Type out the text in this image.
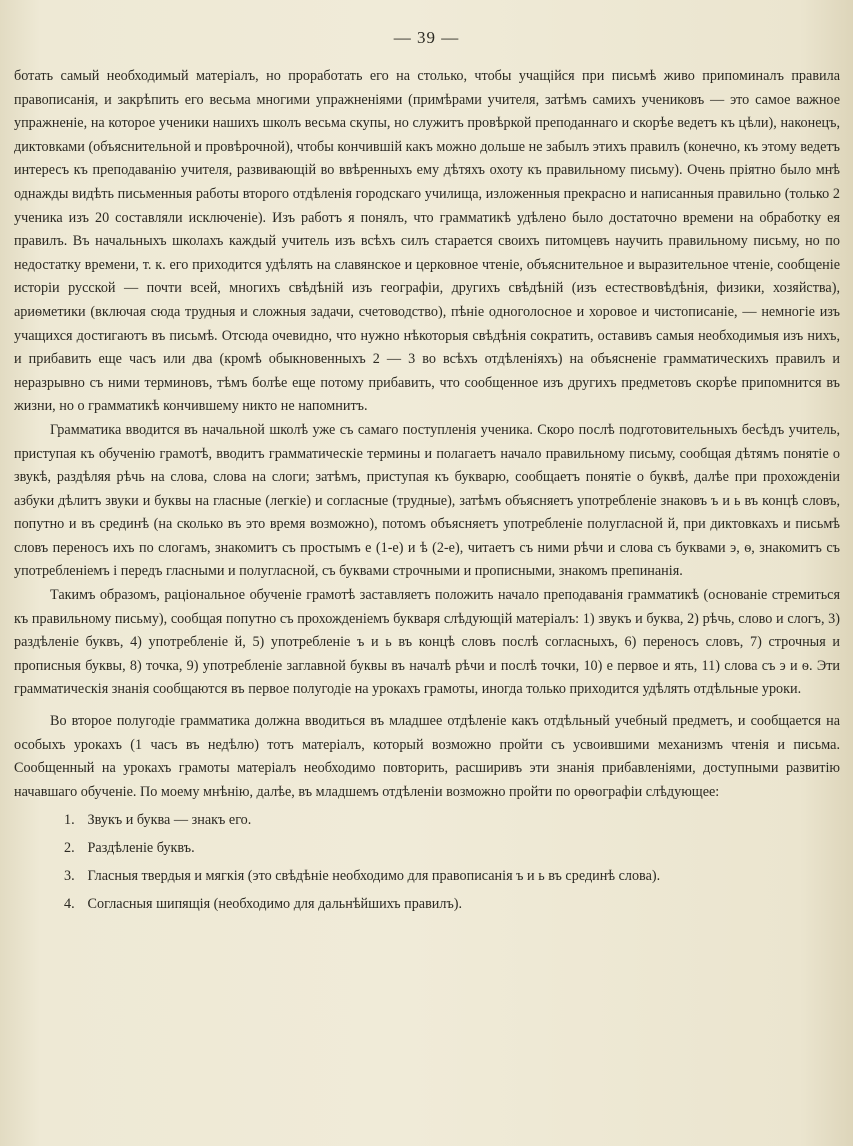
— 39 —

ботать самый необходимый матеріалъ, но проработать его на столько, чтобы учащійся при письмѣ живо припоминалъ правила правописанія, и закрѣпить его весьма многими упражненіями (примѣрами учителя, затѣмъ самихъ учениковъ — это самое важное упражненіе, на которое ученики нашихъ школъ весьма скупы, но служитъ провѣркой преподаннаго и скорѣе ведетъ къ цѣли), наконецъ, диктовками (объяснительной и провѣрочной), чтобы кончившій какъ можно дольше не забылъ этихъ правилъ (конечно, къ этому ведетъ интересъ къ преподаванію учителя, развивающій во ввѣренныхъ ему дѣтяхъ охоту къ правильному письму). Очень пріятно было мнѣ однажды видѣть письменныя работы второго отдѣленія городскаго училища, изложенныя прекрасно и написанныя правильно (только 2 ученика изъ 20 составляли исключеніе). Изъ работъ я понялъ, что грамматикѣ удѣлено было достаточно времени на обработку ея правилъ. Въ начальныхъ школахъ каждый учитель изъ всѣхъ силъ старается своихъ питомцевъ научить правильному письму, но по недостатку времени, т. к. его приходится удѣлять на славянское и церковное чтеніе, объяснительное и выразительное чтеніе, сообщеніе исторіи русской — почти всей, многихъ свѣдѣній изъ географіи, другихъ свѣдѣній (изъ естествовѣдѣнія, физики, хозяйства), ариѳметики (включая сюда трудныя и сложныя задачи, счетоводство), пѣніе одноголосное и хоровое и чистописаніе, — немногіе изъ учащихся достигаютъ въ письмѣ. Отсюда очевидно, что нужно нѣкоторыя свѣдѣнія сократить, оставивъ самыя необходимыя изъ нихъ, и прибавить еще часъ или два (кромѣ обыкновенныхъ 2 — 3 во всѣхъ отдѣленіяхъ) на объясненіе грамматическихъ правилъ и неразрывно съ ними терминовъ, тѣмъ болѣе еще потому прибавить, что сообщенное изъ другихъ предметовъ скорѣе припомнится въ жизни, но о грамматикѣ кончившему никто не напомнитъ.

Грамматика вводится въ начальной школѣ уже съ самаго поступленія ученика. Скоро послѣ подготовительныхъ бесѣдъ учитель, приступая къ обученію грамотѣ, вводитъ грамматическіе термины и полагаетъ начало правильному письму, сообщая дѣтямъ понятіе о звукѣ, раздѣляя рѣчь на слова, слова на слоги; затѣмъ, приступая къ букварю, сообщаетъ понятіе о буквѣ, далѣе при прохожденіи азбуки дѣлитъ звуки и буквы на гласные (легкіе) и согласные (трудные), затѣмъ объясняетъ употребленіе знаковъ ъ и ь въ концѣ словъ, попутно и въ срединѣ (на сколько въ это время возможно), потомъ объясняетъ употребленіе полугласной й, при диктовкахъ и письмѣ словъ переносъ ихъ по слогамъ, знакомитъ съ простымъ е (1-е) и ѣ (2-е), читаетъ съ ними рѣчи и слова съ буквами э, ѳ, знакомитъ съ употребленіемъ і передъ гласными и полугласной, съ буквами строчными и прописными, знакомъ препинанія.

Такимъ образомъ, раціональное обученіе грамотѣ заставляетъ положить начало преподаванія грамматикѣ (основаніе стремиться къ правильному письму), сообщая попутно съ прохожденіемъ букваря слѣдующій матеріалъ: 1) звукъ и буква, 2) рѣчь, слово и слогъ, 3) раздѣленіе буквъ, 4) употребленіе й, 5) употребленіе ъ и ь въ концѣ словъ послѣ согласныхъ, 6) переносъ словъ, 7) строчныя и прописныя буквы, 8) точка, 9) употребленіе заглавной буквы въ началѣ рѣчи и послѣ точки, 10) е первое и ять, 11) слова съ э и ѳ. Эти грамматическія знанія сообщаются въ первое полугодіе на урокахъ грамоты, иногда только приходится удѣлять отдѣльные уроки.

Во второе полугодіе грамматика должна вводиться въ младшее отдѣленіе какъ отдѣльный учебный предметъ, и сообщается на особыхъ урокахъ (1 часъ въ недѣлю) тотъ матеріалъ, который возможно пройти съ усвоившими механизмъ чтенія и письма. Сообщенный на урокахъ грамоты матеріалъ необходимо повторить, расширивъ эти знанія прибавленіями, доступными развитію начавшаго обученіе. По моему мнѣнію, далѣе, въ младшемъ отдѣленіи возможно пройти по орѳографіи слѣдующее:

1. Звукъ и буква — знакъ его.
2. Раздѣленіе буквъ.
3. Гласныя твердыя и мягкія (это свѣдѣніе необходимо для правописанія ъ и ь въ срединѣ слова).
4. Согласныя шипящія (необходимо для дальнѣйшихъ правилъ).
